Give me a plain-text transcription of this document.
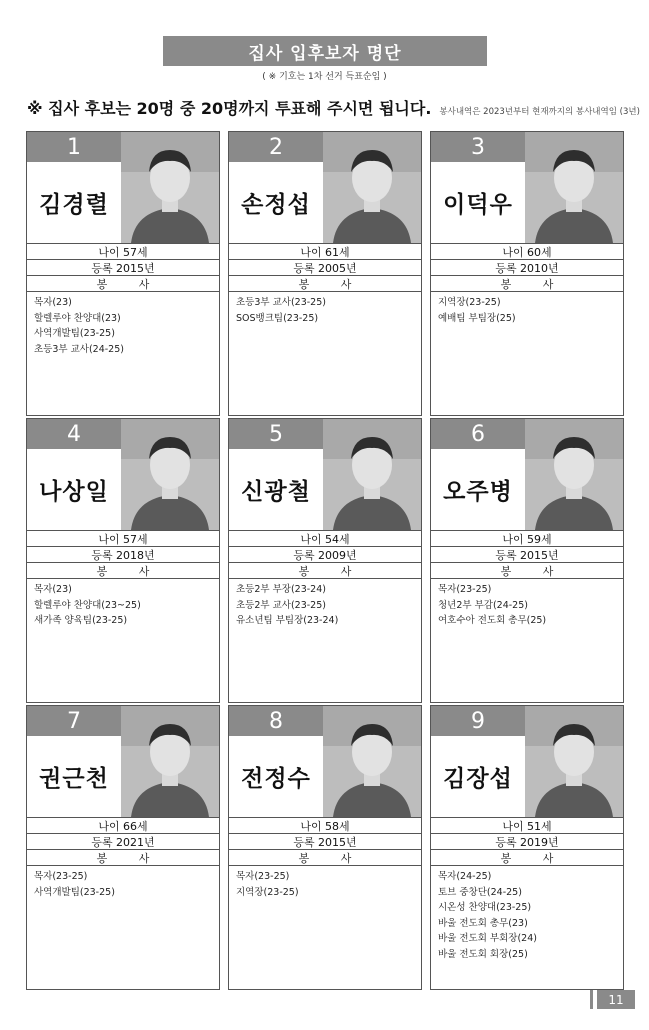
집사 입후보자 명단
( ※ 기호는 1차 선거 득표순임 )
※ 집사 후보는 20명 중 20명까지 투표해 주시면 됩니다. 봉사내역은 2023년부터 현재까지의 봉사내역임 (3년)
1
김경렬
나이 57세
등록 2015년
봉 사
목자(23)
할렐루야 찬양대(23)
사역개발팀(23-25)
초등3부 교사(24-25)
2
손정섭
나이 61세
등록 2005년
봉 사
초등3부 교사(23-25)
SOS뱅크팀(23-25)
3
이덕우
나이 60세
등록 2010년
봉 사
지역장(23-25)
예배팀 부팀장(25)
4
나상일
나이 57세
등록 2018년
봉 사
목자(23)
할렐루야 찬양대(23~25)
새가족 양육팀(23-25)
5
신광철
나이 54세
등록 2009년
봉 사
초등2부 부장(23-24)
초등2부 교사(23-25)
유소년팀 부팀장(23-24)
6
오주병
나이 59세
등록 2015년
봉 사
목자(23-25)
청년2부 부감(24-25)
여호수아 전도회 총무(25)
7
권근천
나이 66세
등록 2021년
봉 사
목자(23-25)
사역개발팀(23-25)
8
전정수
나이 58세
등록 2015년
봉 사
목자(23-25)
지역장(23-25)
9
김장섭
나이 51세
등록 2019년
봉 사
목자(24-25)
토브 중창단(24-25)
시온성 찬양대(23-25)
바울 전도회 총무(23)
바울 전도회 부회장(24)
바울 전도회 회장(25)
11
